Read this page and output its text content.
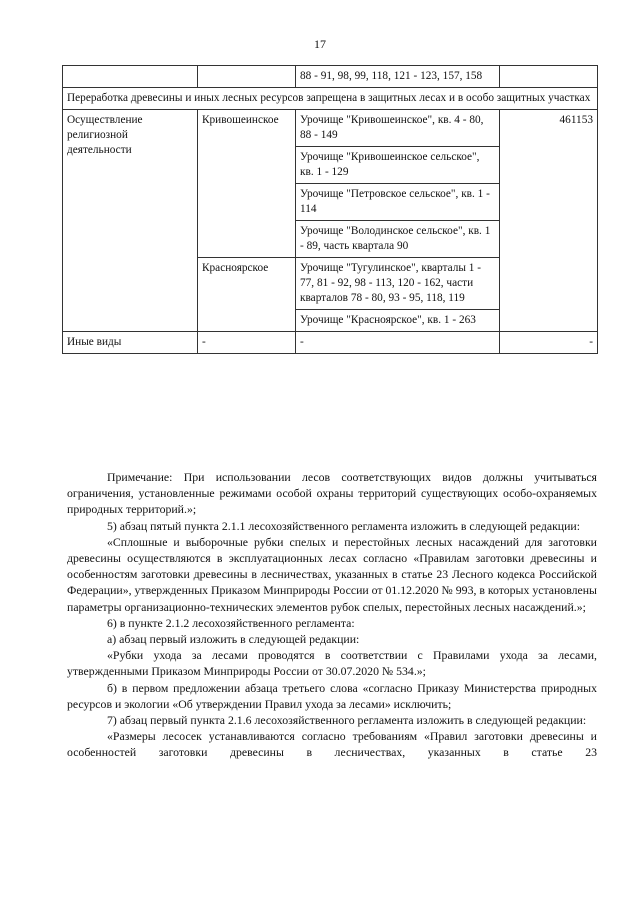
17
		88 - 91, 98, 99, 118, 121 - 123, 157, 158	
Переработка древесины и иных лесных ресурсов запрещена в защитных лесах и в особо защитных участках			
Осуществление религиозной деятельности	Кривошеинское	Урочище "Кривошеинское", кв. 4 - 80, 88 - 149	461153
		Урочище "Кривошеинское сельское", кв. 1 - 129	
		Урочище "Петровское сельское", кв. 1 - 114	
		Урочище "Володинское сельское", кв. 1 - 89, часть квартала 90	
	Красноярское	Урочище "Тугулинское", кварталы 1 - 77, 81 - 92, 98 - 113, 120 - 162, части кварталов 78 - 80, 93 - 95, 118, 119	
		Урочище "Красноярское", кв. 1 - 263	
Иные виды	-	-	-

Примечание: При использовании лесов соответствующих видов должны учитываться ограничения, установленные режимами особой охраны территорий существующих особо-охраняемых природных территорий.»;

5) абзац пятый пункта 2.1.1 лесохозяйственного регламента изложить в следующей редакции:

«Сплошные и выборочные рубки спелых и перестойных лесных насаждений для заготовки древесины осуществляются в эксплуатационных лесах согласно «Правилам заготовки древесины и особенностям заготовки древесины в лесничествах, указанных в статье 23 Лесного кодекса Российской Федерации», утвержденных Приказом Минприроды России от 01.12.2020 № 993, в которых установлены параметры организационно-технических элементов рубок спелых, перестойных лесных насаждений.»;

6) в пункте 2.1.2 лесохозяйственного регламента:

а) абзац первый изложить в следующей редакции:

«Рубки ухода за лесами проводятся в соответствии с Правилами ухода за лесами, утвержденными Приказом Минприроды России от 30.07.2020 № 534.»;

б) в первом предложении абзаца третьего слова «согласно Приказу Министерства природных ресурсов и экологии «Об утверждении Правил ухода за лесами» исключить;

7) абзац первый пункта 2.1.6 лесохозяйственного регламента изложить в следующей редакции:

«Размеры лесосек устанавливаются согласно требованиям «Правил заготовки древесины и особенностей заготовки древесины в лесничествах, указанных в статье 23
